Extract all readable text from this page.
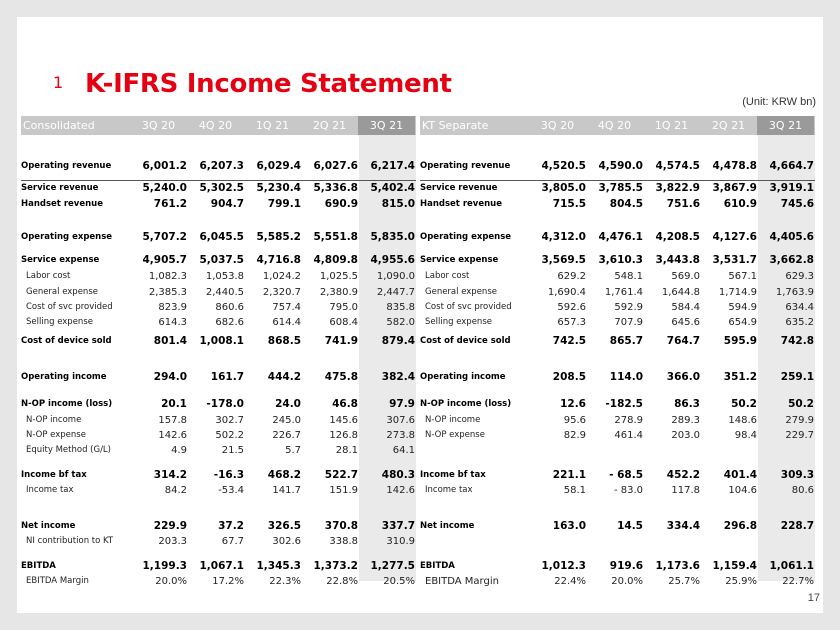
1 K-IFRS Income Statement
(Unit: KRW bn)
Consolidated	3Q 20	4Q 20	1Q 21	2Q 21	3Q 21
Operating revenue	6,001.2	6,207.3	6,029.4	6,027.6	6,217.4
Service revenue	5,240.0	5,302.5	5,230.4	5,336.8	5,402.4
Handset revenue	761.2	904.7	799.1	690.9	815.0
Operating expense	5,707.2	6,045.5	5,585.2	5,551.8	5,835.0
Service expense	4,905.7	5,037.5	4,716.8	4,809.8	4,955.6
Labor cost	1,082.3	1,053.8	1,024.2	1,025.5	1,090.0
General expense	2,385.3	2,440.5	2,320.7	2,380.9	2,447.7
Cost of svc provided	823.9	860.6	757.4	795.0	835.8
Selling expense	614.3	682.6	614.4	608.4	582.0
Cost of device sold	801.4	1,008.1	868.5	741.9	879.4
Operating income	294.0	161.7	444.2	475.8	382.4
N-OP income (loss)	20.1	-178.0	24.0	46.8	97.9
N-OP income	157.8	302.7	245.0	145.6	307.6
N-OP expense	142.6	502.2	226.7	126.8	273.8
Equity Method (G/L)	4.9	21.5	5.7	28.1	64.1
Income bf tax	314.2	-16.3	468.2	522.7	480.3
Income tax	84.2	-53.4	141.7	151.9	142.6
Net income	229.9	37.2	326.5	370.8	337.7
NI contribution to KT	203.3	67.7	302.6	338.8	310.9
EBITDA	1,199.3	1,067.1	1,345.3	1,373.2	1,277.5
EBITDA Margin	20.0%	17.2%	22.3%	22.8%	20.5%
KT Separate	3Q 20	4Q 20	1Q 21	2Q 21	3Q 21
Operating revenue	4,520.5	4,590.0	4,574.5	4,478.8	4,664.7
Service revenue	3,805.0	3,785.5	3,822.9	3,867.9	3,919.1
Handset revenue	715.5	804.5	751.6	610.9	745.6
Operating expense	4,312.0	4,476.1	4,208.5	4,127.6	4,405.6
Service expense	3,569.5	3,610.3	3,443.8	3,531.7	3,662.8
Labor cost	629.2	548.1	569.0	567.1	629.3
General expense	1,690.4	1,761.4	1,644.8	1,714.9	1,763.9
Cost of svc provided	592.6	592.9	584.4	594.9	634.4
Selling expense	657.3	707.9	645.6	654.9	635.2
Cost of device sold	742.5	865.7	764.7	595.9	742.8
Operating income	208.5	114.0	366.0	351.2	259.1
N-OP income (loss)	12.6	-182.5	86.3	50.2	50.2
N-OP income	95.6	278.9	289.3	148.6	279.9
N-OP expense	82.9	461.4	203.0	98.4	229.7
Income bf tax	221.1	- 68.5	452.2	401.4	309.3
Income tax	58.1	- 83.0	117.8	104.6	80.6
Net income	163.0	14.5	334.4	296.8	228.7
EBITDA	1,012.3	919.6	1,173.6	1,159.4	1,061.1
EBITDA Margin	22.4%	20.0%	25.7%	25.9%	22.7%
17
